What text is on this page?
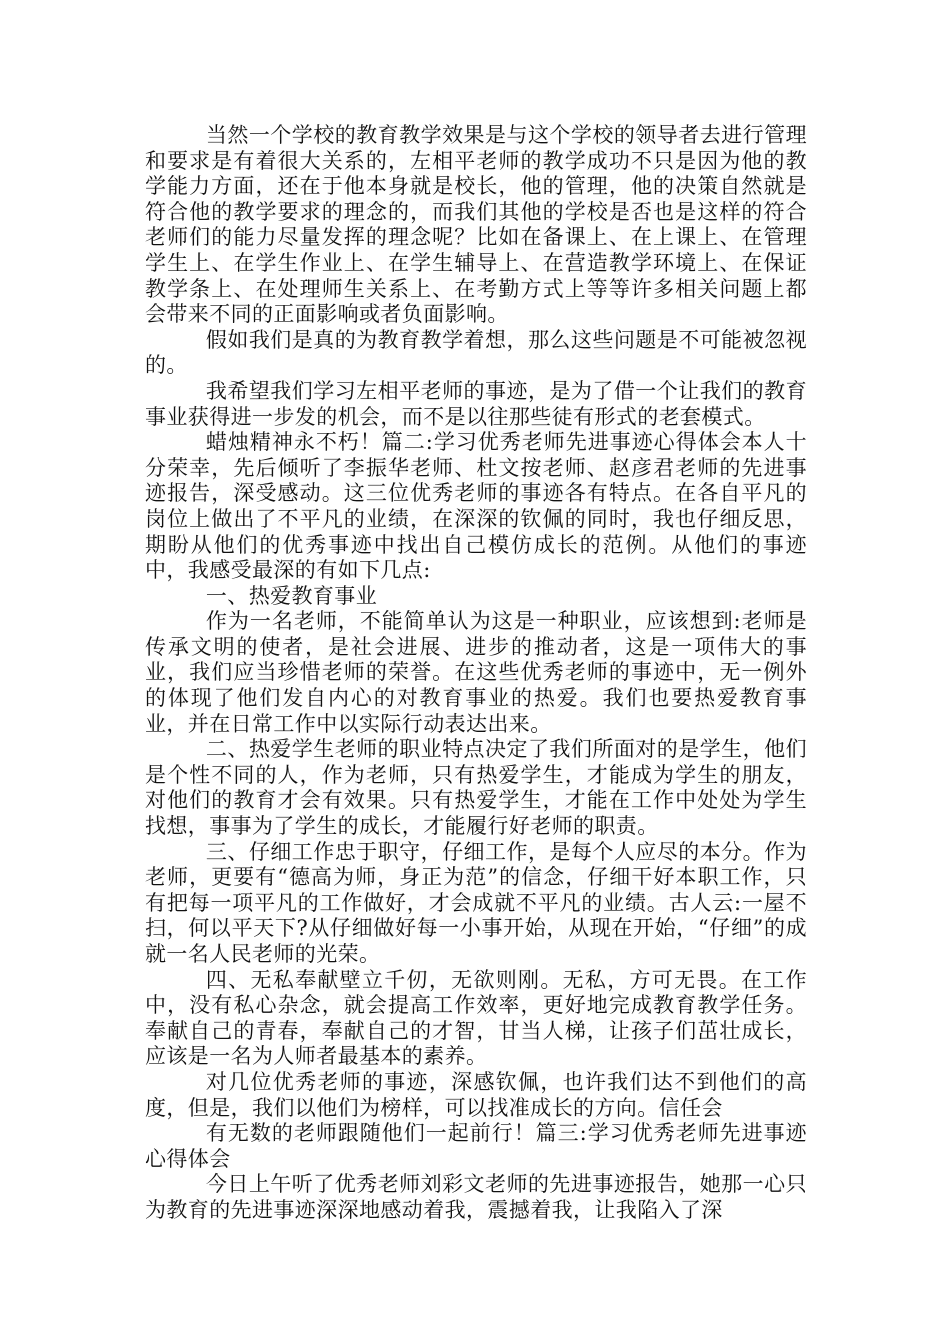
当然一个学校的教育教学效果是与这个学校的领导者去进行管理和要求是有着很大关系的，左相平老师的教学成功不只是因为他的教学能力方面，还在于他本身就是校长，他的管理，他的决策自然就是符合他的教学要求的理念的，而我们其他的学校是否也是这样的符合老师们的能力尽量发挥的理念呢？比如在备课上、在上课上、在管理学生上、在学生作业上、在学生辅导上、在营造教学环境上、在保证教学条上、在处理师生关系上、在考勤方式上等等许多相关问题上都会带来不同的正面影响或者负面影响。

假如我们是真的为教育教学着想，那么这些问题是不可能被忽视的。

我希望我们学习左相平老师的事迹，是为了借一个让我们的教育事业获得进一步发的机会，而不是以往那些徒有形式的老套模式。

蜡烛精神永不朽！篇二:学习优秀老师先进事迹心得体会本人十分荣幸，先后倾听了李振华老师、杜文按老师、赵彦君老师的先进事迹报告，深受感动。这三位优秀老师的事迹各有特点。在各自平凡的岗位上做出了不平凡的业绩，在深深的钦佩的同时，我也仔细反思，期盼从他们的优秀事迹中找出自己模仿成长的范例。从他们的事迹中，我感受最深的有如下几点:

一、热爱教育事业

作为一名老师，不能简单认为这是一种职业，应该想到:老师是传承文明的使者，是社会进展、进步的推动者，这是一项伟大的事业，我们应当珍惜老师的荣誉。在这些优秀老师的事迹中，无一例外的体现了他们发自内心的对教育事业的热爱。我们也要热爱教育事业，并在日常工作中以实际行动表达出来。

二、热爱学生老师的职业特点决定了我们所面对的是学生，他们是个性不同的人，作为老师，只有热爱学生，才能成为学生的朋友，对他们的教育才会有效果。只有热爱学生，才能在工作中处处为学生找想，事事为了学生的成长，才能履行好老师的职责。

三、仔细工作忠于职守，仔细工作，是每个人应尽的本分。作为老师，更要有“德高为师，身正为范”的信念，仔细干好本职工作，只有把每一项平凡的工作做好，才会成就不平凡的业绩。古人云:一屋不扫，何以平天下?从仔细做好每一小事开始，从现在开始，“仔细”的成就一名人民老师的光荣。

四、无私奉献壁立千仞，无欲则刚。无私，方可无畏。在工作中，没有私心杂念，就会提高工作效率，更好地完成教育教学任务。奉献自己的青春，奉献自己的才智，甘当人梯，让孩子们茁壮成长，应该是一名为人师者最基本的素养。

对几位优秀老师的事迹，深感钦佩，也许我们达不到他们的高度，但是，我们以他们为榜样，可以找准成长的方向。信任会

有无数的老师跟随他们一起前行！篇三:学习优秀老师先进事迹心得体会

今日上午听了优秀老师刘彩文老师的先进事迹报告，她那一心只为教育的先进事迹深深地感动着我，震撼着我，让我陷入了深
